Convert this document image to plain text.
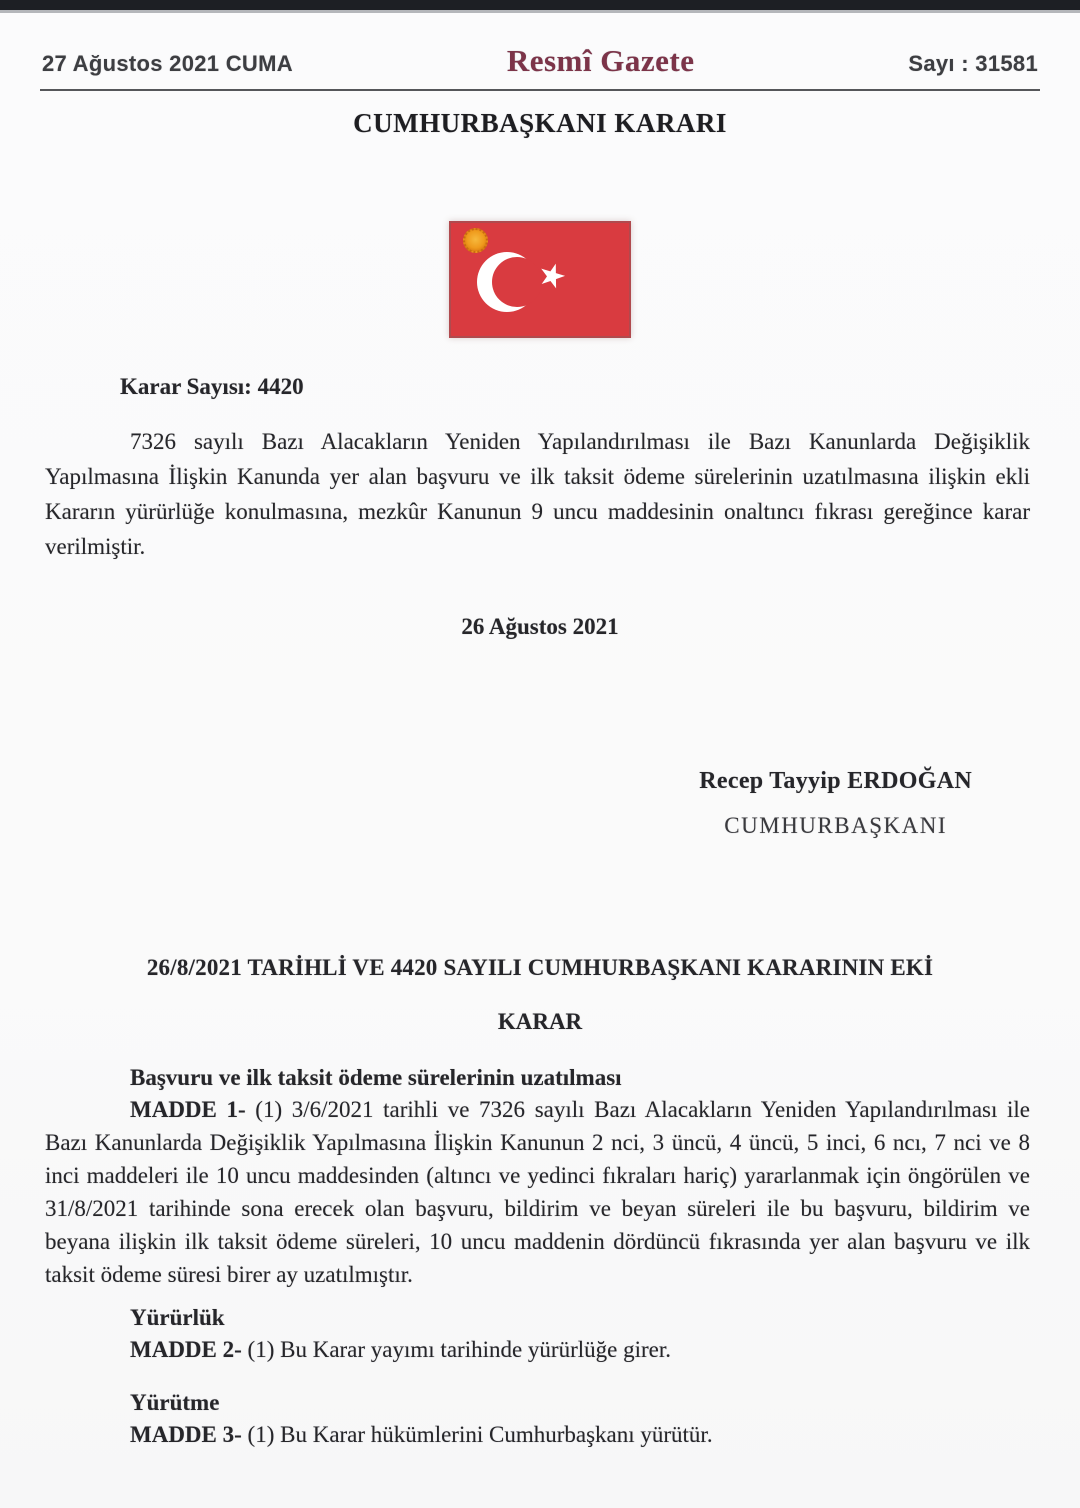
27 Ağustos 2021 CUMA	Resmî Gazete	Sayı : 31581
CUMHURBAŞKANI KARARI
Karar Sayısı: 4420

7326 sayılı Bazı Alacakların Yeniden Yapılandırılması ile Bazı Kanunlarda Değişiklik Yapılmasına İlişkin Kanunda yer alan başvuru ve ilk taksit ödeme sürelerinin uzatılmasına ilişkin ekli Kararın yürürlüğe konulmasına, mezkûr Kanunun 9 uncu maddesinin onaltıncı fıkrası gereğince karar verilmiştir.

26 Ağustos 2021
Recep Tayyip ERDOĞAN
CUMHURBAŞKANI
26/8/2021 TARİHLİ VE 4420 SAYILI CUMHURBAŞKANI KARARININ EKİ
KARAR
Başvuru ve ilk taksit ödeme sürelerinin uzatılması

MADDE 1- (1) 3/6/2021 tarihli ve 7326 sayılı Bazı Alacakların Yeniden Yapılandırılması ile Bazı Kanunlarda Değişiklik Yapılmasına İlişkin Kanunun 2 nci, 3 üncü, 4 üncü, 5 inci, 6 ncı, 7 nci ve 8 inci maddeleri ile 10 uncu maddesinden (altıncı ve yedinci fıkraları hariç) yararlanmak için öngörülen ve 31/8/2021 tarihinde sona erecek olan başvuru, bildirim ve beyan süreleri ile bu başvuru, bildirim ve beyana ilişkin ilk taksit ödeme süreleri, 10 uncu maddenin dördüncü fıkrasında yer alan başvuru ve ilk taksit ödeme süresi birer ay uzatılmıştır.

Yürürlük

MADDE 2- (1) Bu Karar yayımı tarihinde yürürlüğe girer.

Yürütme

MADDE 3- (1) Bu Karar hükümlerini Cumhurbaşkanı yürütür.
